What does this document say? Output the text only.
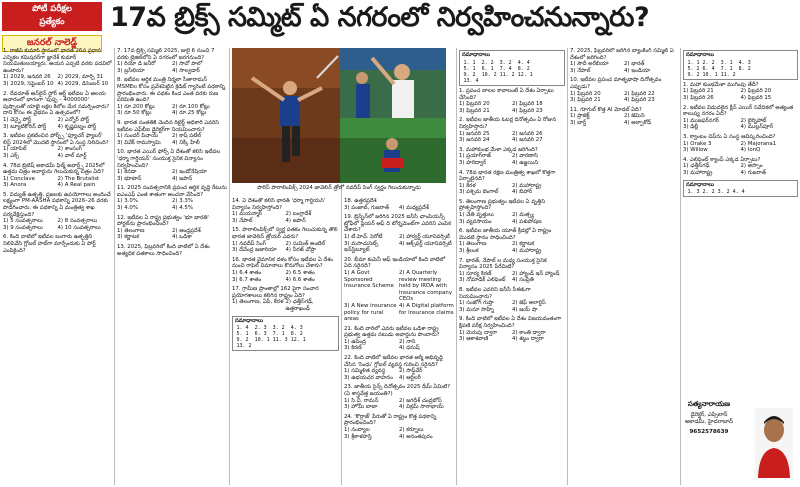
పోటీ పరీక్షల
ప్రత్యేకం
జనరల్ నాలెడ్జ్
17వ బ్రిక్స్ సమ్మిట్ ఏ నగరంలో నిర్వహించనున్నారు?
1. రాజీవ్ కుమార్ స్థానంలో భారత 26వ ప్రధాన ఎన్నికల కమిషనర్‌గా జ్ఞానేశ్ కుమార్ నియమితులయ్యారు. ఆయన ఎప్పటి వరకు పదవిలో ఉంటారు?
1) 2029, జనవరి 26	2) 2029, మార్చి 31
3) 2029, సెప్టెంబర్ 10 4) 2029, డిసెంబర్ 10
2. దేవదూత్ ఆన్‌లైన్ స్టోర్ ఆర్ట్‌ ఇటీవల ఏ ఆలయ ఆచారంలో భాగంగా 'పుష్ప – 4000000' పుష్పాలతో యాభై లక్షల కిలోల మేర సమర్పించారు? దాని కోసం ఈ వైభవం ఏ ఉత్సవంలో?
1) చెన్నై పోర్ట్	2) ఎన్నోర్ పోర్ట్
3) ట్యూటికోరిన్ పోర్ట్	4) కృష్ణపట్నం పోర్ట్
3. ఇటీవల ప్రకటించిన ఫోర్బ్స్ 'ఫ్యూచర్ ఫ్యాబర్' లిస్ట్ 2024లో మొదటి స్థానంలో ఏ సంస్థ నిలిచింది?
1) యాపిల్	2) శాంసంగ్
3) ఎక్స్	4) వాల్ మార్ట్
4. 78వ బ్రిటిష్ అకాడమీ ఫిల్మ్ అవార్డ్స్ 2025లో ఉత్తమ చిత్రం అవార్డును గెలుచుకున్న చిత్రం ఏది?
1) Conclave	2) The Brutalist
3) Anora	4) A Real pain
5. విద్యుత్ ఉత్పత్తి, ప్రజలకు ఉపయోగాలు అందించే లక్ష్యంగా PM-AASHA పథకాన్ని 2026–26 వరకు పొడిగించారు. ఈ పథకాన్ని ఏ మంత్రిత్వ శాఖ పర్యవేక్షిస్తుంది?
1) 5 సంవత్సరాలు	2) 8 సంవత్సరాలు
3) 9 సంవత్సరాలు	4) 10 సంవత్సరాలు
6. కింది వాటిలో ఇటీవల బంగారు ఉత్పత్తిని నిలిపివేసి గ్లోబల్ హబ్‌గా మార్చేందుకు ఏ పోర్ట్‌ ఎంపికైంది?
పారిస్ పారాలింపిక్స్ 2024 జావెలిన్ త్రోలో నవదీప్ సింగ్ స్వర్ణం గెలుచుకున్నాడు
7. 17వ బ్రిక్స్ సమ్మిట్ 2025, జులై 6 నుంచి 7 వరకు బ్రెజిల్‌లోని ఏ నగరంలో జరగనుంది?
1) రియో డి జనీరో	2) సావో పాలో
3) బ్రసీలియా	4) సాల్వడార్
8. ఇటీవల ఆర్థిక మంత్రి నిర్మలా సీతారామన్ MSMEల కోసం ప్రవేశపెట్టిన క్రెడిట్ గ్యారెంటీ పథకాన్ని ప్రారంభించారు. ఈ పథకం కింద ఎంత వరకు రుణ పరిమితి ఉంది?
1) రూ.200 కోట్లు	2) రూ.100 కోట్లు
3) రూ.50 కోట్లు	4) రూ.25 కోట్లు
9. భారత సంతతికి చెందిన రిటైర్డ్ అధికారి ఎవరిని ఇటీవల ఎఫ్‌బీఐ డైరెక్టర్‌గా నియమించారు?
1) సుందర్ పిచాయ్	2) కాష్ పటేల్
3) వివేక్ రామస్వామి	4) నిక్కీ హేలీ
10. భారత ఎయిర్ ఫోర్స్ ఏ దేశంతో కలిసి ఇటీవల 'ధర్మా గార్డియన్' సంయుక్త సైనిక విన్యాసం నిర్వహించింది?
1) కెనడా	2) ఇండోనేషియా
3) భూటాన్	4) జపాన్
11. 2025 సంవత్సరానికి ప్రపంచ ఆర్థిక వృద్ధి రేటును ఐఎంఎఫ్ ఎంత శాతంగా అంచనా వేసింది?
1) 3.0%	2) 3.3%
3) 4.0%	4) 4.5%
12. ఇటీవల ఏ రాష్ట్ర ప్రభుత్వం 'భూ భారతి' పోర్టల్‌ను ప్రారంభించింది?
1) తెలంగాణ	2) ఆంధ్రప్రదేశ్
3) కర్ణాటక	4) ఒడిశా
13. 2025, ఫిబ్రవరిలో కింది వాటిలో ఏ దేశం అత్యధిక పతకాలు సాధించింది?
14. ఏ దేశంతో కలిసి భారత్ 'ధర్మా గార్డియన్' విన్యాసం నిర్వహిస్తోంది?
1) మయన్మార్	2) బంగ్లాదేశ్
3) నేపాల్	4) జపాన్
15. పారాలింపిక్స్‌లో స్వర్ణ పతకం గెలుచుకున్న తొలి భారత జావెలిన్ త్రోయర్ ఎవరు?
1) నవదీప్ సింగ్	2) సుమిత్ అంటిల్
3) దేవేంద్ర జజారియా	4) నీరజ్ చోప్రా
16. భారత వైమానిక దళం కోసం ఇటీవల ఏ దేశం నుంచి రాఫెల్ విమానాలు కొనుగోలు చేశారు?
1) 6.4 శాతం	2) 6.5 శాతం
3) 6.7 శాతం	4) 6.6 శాతం
17. గ్రామీణ ప్రాంతాల్లో 162 పైగా సంచార ప్రయోగశాలలు కలిగిన రాష్ట్రం ఏది?
1) తెలంగాణ, ఏపీ, కేరళ 2) ఛత్తీస్‌గఢ్, ఉత్తరాఖండ్
సమాధానాలు
1. 4	2. 3	3. 2	4. 3
5. 1	6. 3	7. 1	8. 2
9. 2	10. 1	11. 3	12. 1
13. 2			
18. ఉత్తరప్రదేశ్
3) పంజాబ్, గుజరాత్	4) మధ్యప్రదేశ్
19. బ్రిస్బేన్‌లో జరిగిన 2025 ఐసీసీ ఛాంపియన్స్ ట్రోఫీలో ప్లేయర్ ఆఫ్ ది టోర్నమెంట్‌గా ఎవరిని ఎంపిక చేశారు?
1) టీ.హెచ్. పెరోటే	2) హార్వర్డ్ యూనివర్సిటీ
3) మసాచుసెట్స్ ఇన్‌స్టిట్యూట్
4) ఆక్స్‌ఫర్డ్ యూనివర్సిటీ
20. బీమా కంపెనీ ఆఫ్ ఇండియాలో కింది వాటిలో ఏది సరైనది?
1) A Govt Sponsored Insurance Scheme
2) A Quarterly review meeting held by IRDA with Insurance company CEOs
3) A New insurance policy for rural areas
4) A Digital platform for insurance claims
21. కింది వారిలో ఎవరు ఇటీవల ఒడిశా రాష్ట్ర ప్రభుత్వ ఉత్తమ నటుడు అవార్డును పొందారు?
1) ఉపేంద్ర	2) నాని
3) కిరణ్	4) ధనుష్
22. కింది వాటిలో ఇటీవల భారత ఆర్మీ అభివృద్ధి చేసిన 'సింధు' గ్లోబల్ వ్యవస్థ గురించి సరైనది?
1) సమ్మిళిత వ్యవస్థ	2) సాఫ్ట్‌వేర్
3) ఉభయచర వాహనం	4) ఆర్టిలరీ
23. జాతీయ సైన్స్ దినోత్సవం 2025 థీమ్ ఏమిటి? (ఏ శాస్త్రవేత్త జయంతి?)
1) సి.వి. రామన్	2) జగదీశ్ చంద్రబోస్
3) హోమీ బాబా	4) విక్రమ్ సారాభాయ్
24. 'కొర్రాజ్‌' పేరుతో ఏ రాష్ట్రం కొత్త పథకాన్ని ప్రారంభించింది?
1) నంద్యాల	2) కర్నూలు
3) శ్రీకాళహస్తి	4) అనంతపురం
సమాధానాలు
1. 1	2. 2	3. 2	4. 4
5. 1	6. 1	7. 4	8. 2
9. 2	10. 2	11. 2	12. 1
13. 4			
1. ప్రపంచ బాలల కావాలంటే ఏ దేశం ఏర్పాటు చేసింది?
1) ఫిబ్రవరి 20	2) ఫిబ్రవరి 18
3) ఫిబ్రవరి 21	4) ఫిబ్రవరి 23
2. ఇటీవల జాతీయ ఓటర్ల దినోత్సవం ఏ రోజున నిర్వహిస్తారు?
1) జనవరి 25	2) జనవరి 26
3) జనవరి 24	4) జనవరి 27
3. మహాకుంభ మేళా ఎక్కడ జరిగింది?
1) ప్రయాగ్‌రాజ్	2) వారణాసి
3) హరిద్వార్	4) ఉజ్జయిని
4. 78వ భారత రక్షణ మంత్రిత్వ శాఖలో కొత్తగా ఏర్పాటైనది?
1) కేరళ	2) మహారాష్ట్ర
3) పశ్చిమ బెంగాల్	4) బిహార్
5. తెలంగాణ ప్రభుత్వం ఇటీవల ఏ వృత్తిని ప్రోత్సహిస్తోంది?
1) చేతి వృత్తులు	2) మత్స్య
3) వ్యవసాయం	4) పశుపోషణ
6. ఇటీవల జాతీయ యూత్ క్రీడల్లో ఏ రాష్ట్రం మొదటి స్థానం సాధించింది?
1) తెలంగాణ	2) కర్ణాటక
3) శ్రీలంక	4) మహారాష్ట్ర
7. భారత్, నేపాల్ ల మధ్య సంయుక్త సైనిక విన్యాసం 2025 పేరేమిటి?
1) సూర్య కిరణ్	2) హ్యాండ్ ఇన్ హ్యాండ్
3) నోమాడిక్ ఎలిఫెంట్	4) సంప్రీతి
8. ఇటీవల ఎవరిని ఐసీసీ సీఈఓగా నియమించారు?
1) సంజోగ్ గుప్తా	2) జెఫ్ అలార్డిస్
3) మనూ సాహ్నీ	4) జయ్ షా
9. కింది వాటిలో ఇటీవల ఏ దేశం విజయవంతంగా క్షిపణి పరీక్ష నిర్వహించింది?
1) మెరుపు ద్వారా	2) కాంతి ద్వారా
3) ఆకాశవాణి	4) శబ్దం ద్వారా
7. 2025, ఫిబ్రవరిలో జరిగిన బ్యాంకింగ్ సమ్మిట్ ఏ దేశంలో జరిగింది?
1) సౌదీ అరేబియా	2) భారత్
3) నేపాల్	4) ఇండియా
10. ఇటీవల ప్రపంచ మాతృభాషా దినోత్సవం ఎప్పుడు?
1) ఫిబ్రవరి 20	2) ఫిబ్రవరి 22
3) ఫిబ్రవరి 21	4) ఫిబ్రవరి 23
11. గూగుల్ కొత్త AI మోడల్ ఏది?
1) ప్రాజెక్ట్	2) జెమిని
3) బార్డ్	4) అల్ఫాకోడ్
సమాధానాలు
1. 1	2. 2	3. 1	4. 3
5. 2	6. 4	7. 1	8. 2
9. 2	10. 1	11. 2	
1. మహా కుంభమేళా ముగింపు తేదీ?
1) ఫిబ్రవరి 21	2) ఫిబ్రవరి 20
3) ఫిబ్రవరి 26	4) ఫిబ్రవరి 15
2. ఇటీవల విడుదలైన క్లీన్ ఎయిర్ నివేదికలో అత్యంత కాలుష్య నగరం ఏది?
1) ముజఫర్‌నగర్	2) బైర్నిహాట్
3) ఢిల్లీ	4) ముల్లన్‌పూర్
3. క్వాంటం చిప్‌ను ఏ సంస్థ ఆవిష్కరించింది?
1) Orake 3	2) Majorana1
3) Willow	4) IonQ
4. ఎలిఫెంట్ క్యాంప్ ఎక్కడ ఏర్పాటు?
1) ఛత్తీస్‌గఢ్	2) అస్సాం
3) మహారాష్ట్ర	4) గుజరాత్
సమాధానాలు
1. 3	2. 2	3. 2	4. 4
సత్యనారాయణ
డైరెక్టర్, ఎప్సిలాన్
అకాడమీ, హైదరాబాద్
9652578639
